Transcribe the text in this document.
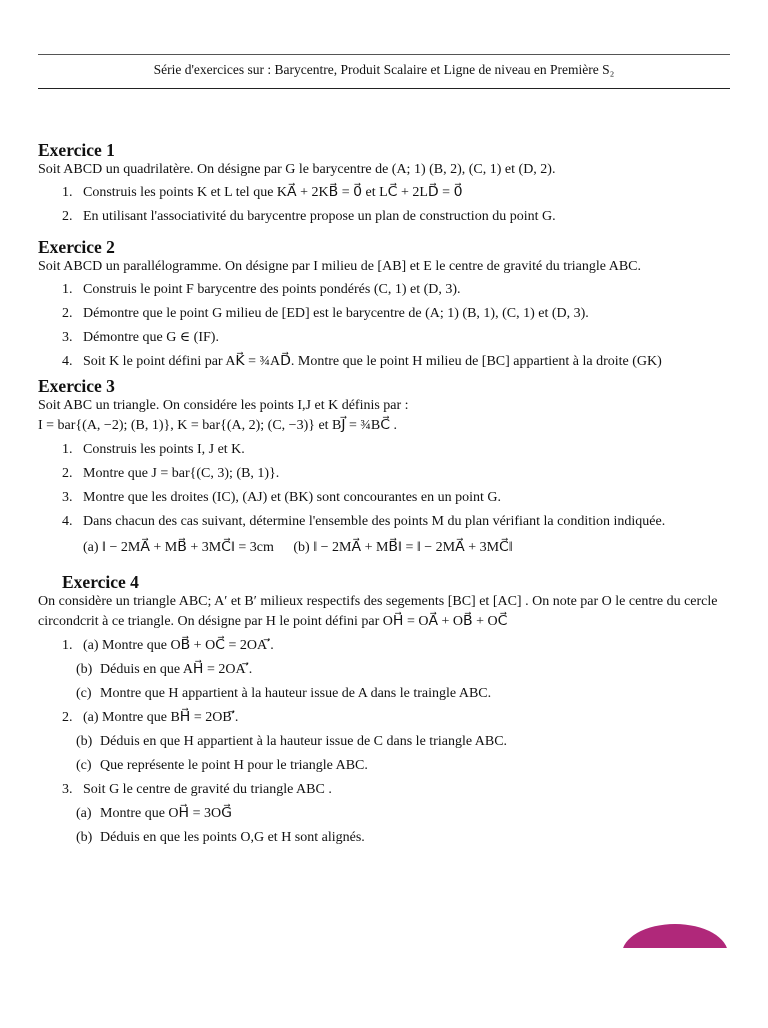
Série d'exercices sur : Barycentre, Produit Scalaire et Ligne de niveau en Première S₂
Exercice 1

Soit ABCD un quadrilatère. On désigne par G le barycentre de (A; 1) (B, 2), (C, 1) et (D, 2).

1. Construis les points K et L tel que KA⃗ + 2KB⃗ = 0⃗ et LC⃗ + 2LD⃗ = 0⃗
2. En utilisant l'associativité du barycentre propose un plan de construction du point G.
Exercice 2

Soit ABCD un parallélogramme. On désigne par I milieu de [AB] et E le centre de gravité du triangle ABC.

1. Construis le point F barycentre des points pondérés (C, 1) et (D, 3).
2. Démontre que le point G milieu de [ED] est le barycentre de (A; 1) (B, 1), (C, 1) et (D, 3).
3. Démontre que G ∈ (IF).
4. Soit K le point défini par AK⃗ = ¾AD⃗. Montre que le point H milieu de [BC] appartient à la droite (GK)
Exercice 3

Soit ABC un triangle. On considére les points I,J et K définis par :

I = bar{(A, −2); (B, 1)}, K = bar{(A, 2); (C, −3)} et BJ⃗ = ¾BC⃗ .

1. Construis les points I, J et K.
2. Montre que J = bar{(C, 3); (B, 1)}.
3. Montre que les droites (IC), (AJ) et (BK) sont concourantes en un point G.
4. Dans chacun des cas suivant, détermine l'ensemble des points M du plan vérifiant la condition indiquée.
(a) ‖ − 2MA⃗ + MB⃗ + 3MC⃗‖ = 3cm (b) ‖ − 2MA⃗ + MB⃗‖ = ‖ − 2MA⃗ + 3MC⃗‖
Exercice 4

On considère un triangle ABC; A′ et B′ milieux respectifs des segements [BC] et [AC] . On note par O le centre du cercle circondcrit à ce triangle. On désigne par H le point défini par OH⃗ = OA⃗ + OB⃗ + OC⃗

1. (a) Montre que OB⃗ + OC⃗ = 2OA′⃗.
(b) Déduis en que AH⃗ = 2OA′⃗.
(c) Montre que H appartient à la hauteur issue de A dans le traingle ABC.
2. (a) Montre que BH⃗ = 2OB′⃗.
(b) Déduis en que H appartient à la hauteur issue de C dans le triangle ABC.
(c) Que représente le point H pour le triangle ABC.
3. Soit G le centre de gravité du triangle ABC .
(a) Montre que OH⃗ = 3OG⃗
(b) Déduis en que les points O,G et H sont alignés.
